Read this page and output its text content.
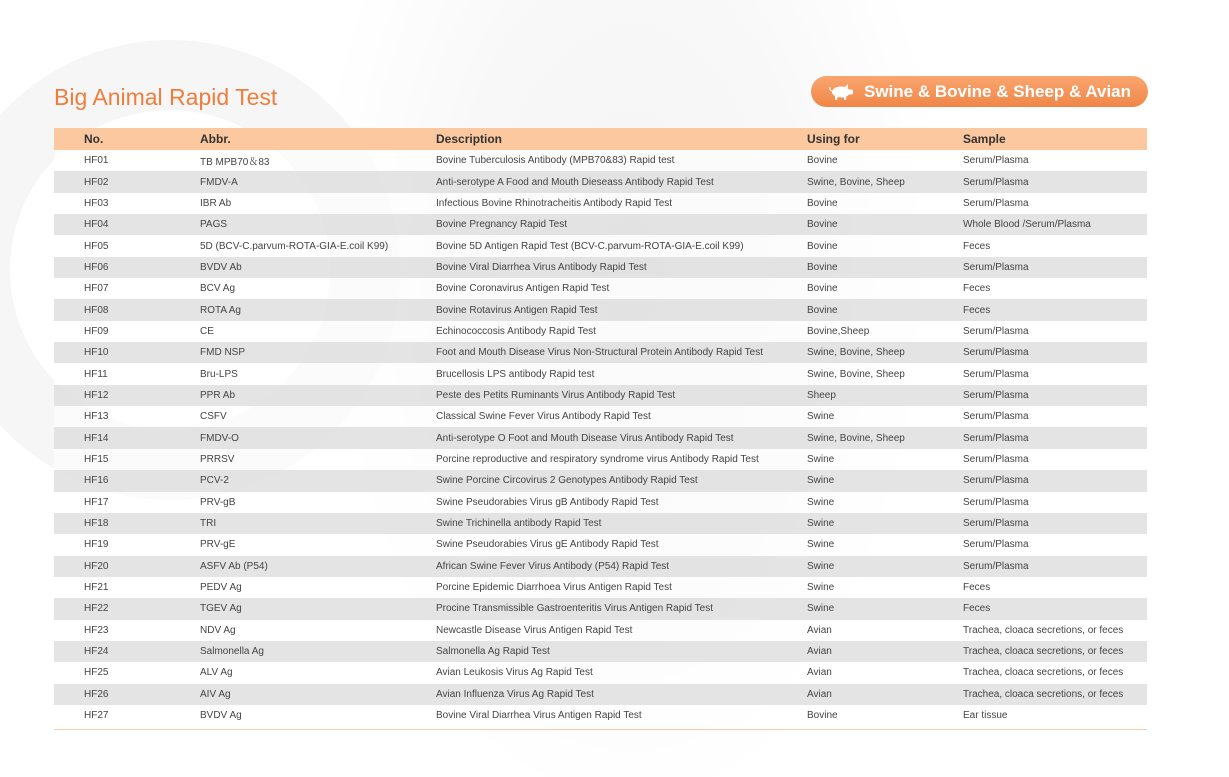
Big Animal Rapid Test	Swine & Bovine & Sheep & Avian
No.	Abbr.	Description	Using for	Sample
HF01	TB MPB70＆83	Bovine Tuberculosis Antibody (MPB70&83) Rapid test	Bovine	Serum/Plasma
HF02	FMDV-A	Anti-serotype A Food and Mouth Dieseass Antibody Rapid Test	Swine, Bovine, Sheep	Serum/Plasma
HF03	IBR Ab	Infectious Bovine Rhinotracheitis Antibody Rapid Test	Bovine	Serum/Plasma
HF04	PAGS	Bovine Pregnancy Rapid Test	Bovine	Whole Blood /Serum/Plasma
HF05	5D (BCV-C.parvum-ROTA-GIA-E.coil K99)	Bovine 5D Antigen Rapid Test (BCV-C.parvum-ROTA-GIA-E.coil K99)	Bovine	Feces
HF06	BVDV Ab	Bovine Viral Diarrhea Virus Antibody Rapid Test	Bovine	Serum/Plasma
HF07	BCV Ag	Bovine Coronavirus Antigen Rapid Test	Bovine	Feces
HF08	ROTA Ag	Bovine Rotavirus Antigen Rapid Test	Bovine	Feces
HF09	CE	Echinococcosis Antibody Rapid Test	Bovine,Sheep	Serum/Plasma
HF10	FMD NSP	Foot and Mouth Disease Virus Non-Structural Protein Antibody Rapid Test	Swine, Bovine, Sheep	Serum/Plasma
HF11	Bru-LPS	Brucellosis LPS antibody Rapid test	Swine, Bovine, Sheep	Serum/Plasma
HF12	PPR Ab	Peste des Petits Ruminants Virus Antibody Rapid Test	Sheep	Serum/Plasma
HF13	CSFV	Classical Swine Fever Virus Antibody Rapid Test	Swine	Serum/Plasma
HF14	FMDV-O	Anti-serotype O Foot and Mouth Disease Virus Antibody Rapid Test	Swine, Bovine, Sheep	Serum/Plasma
HF15	PRRSV	Porcine reproductive and respiratory syndrome virus Antibody Rapid Test	Swine	Serum/Plasma
HF16	PCV-2	Swine Porcine Circovirus 2 Genotypes Antibody Rapid Test	Swine	Serum/Plasma
HF17	PRV-gB	Swine Pseudorabies Virus gB Antibody Rapid Test	Swine	Serum/Plasma
HF18	TRI	Swine Trichinella antibody Rapid Test	Swine	Serum/Plasma
HF19	PRV-gE	Swine Pseudorabies Virus gE Antibody Rapid Test	Swine	Serum/Plasma
HF20	ASFV Ab (P54)	African Swine Fever Virus Antibody (P54) Rapid Test	Swine	Serum/Plasma
HF21	PEDV Ag	Porcine Epidemic Diarrhoea Virus Antigen Rapid Test	Swine	Feces
HF22	TGEV Ag	Procine Transmissible Gastroenteritis Virus Antigen Rapid Test	Swine	Feces
HF23	NDV Ag	Newcastle Disease Virus Antigen Rapid Test	Avian	Trachea, cloaca secretions, or feces
HF24	Salmonella Ag	Salmonella Ag Rapid Test	Avian	Trachea, cloaca secretions, or feces
HF25	ALV Ag	Avian Leukosis Virus Ag Rapid Test	Avian	Trachea, cloaca secretions, or feces
HF26	AIV Ag	Avian Influenza Virus Ag Rapid Test	Avian	Trachea, cloaca secretions, or feces
HF27	BVDV Ag	Bovine Viral Diarrhea Virus Antigen Rapid Test	Bovine	Ear tissue
